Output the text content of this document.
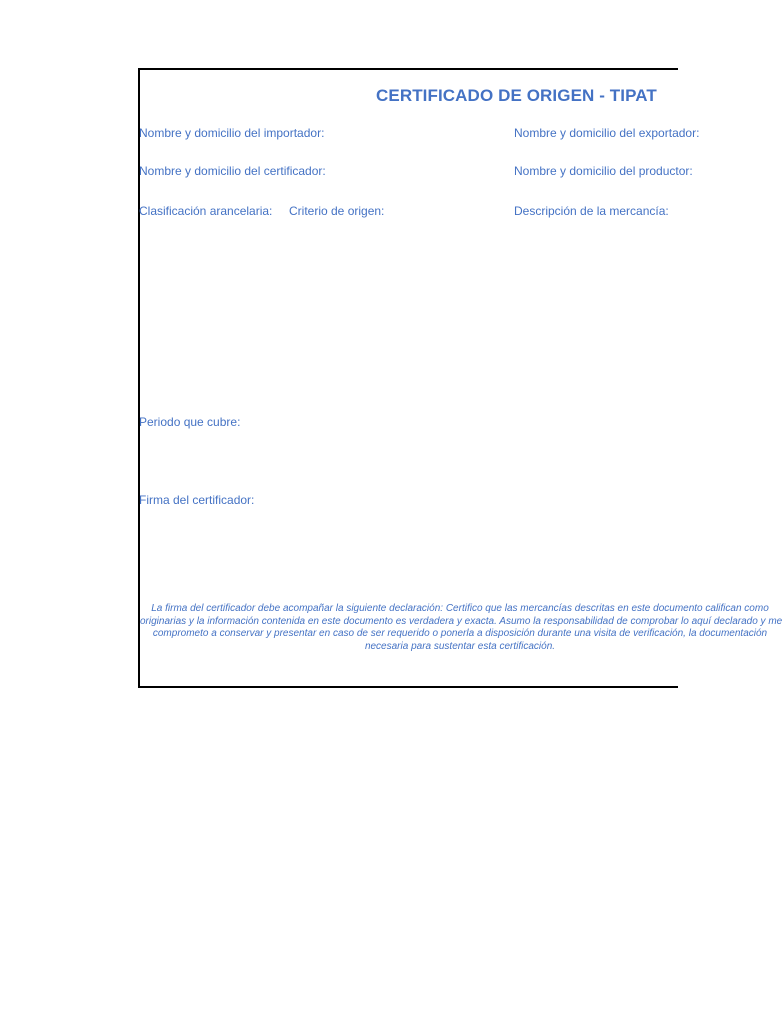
CERTIFICADO DE ORIGEN - TIPAT
Nombre y domicilio del importador:	Nombre y domicilio del exportador:
Nombre y domicilio del certificador:	Nombre y domicilio del productor:
Clasificación arancelaria: Criterio de origen:	Descripción de la mercancía:
Periodo que cubre:
Firma del certificador:
La firma del certificador debe acompañar la siguiente declaración: Certifico que las mercancías descritas en este documento califican como
originarias y la información contenida en este documento es verdadera y exacta. Asumo la responsabilidad de comprobar lo aquí declarado y me
comprometo a conservar y presentar en caso de ser requerido o ponerla a disposición durante una visita de verificación, la documentación
necesaria para sustentar esta certificación.
